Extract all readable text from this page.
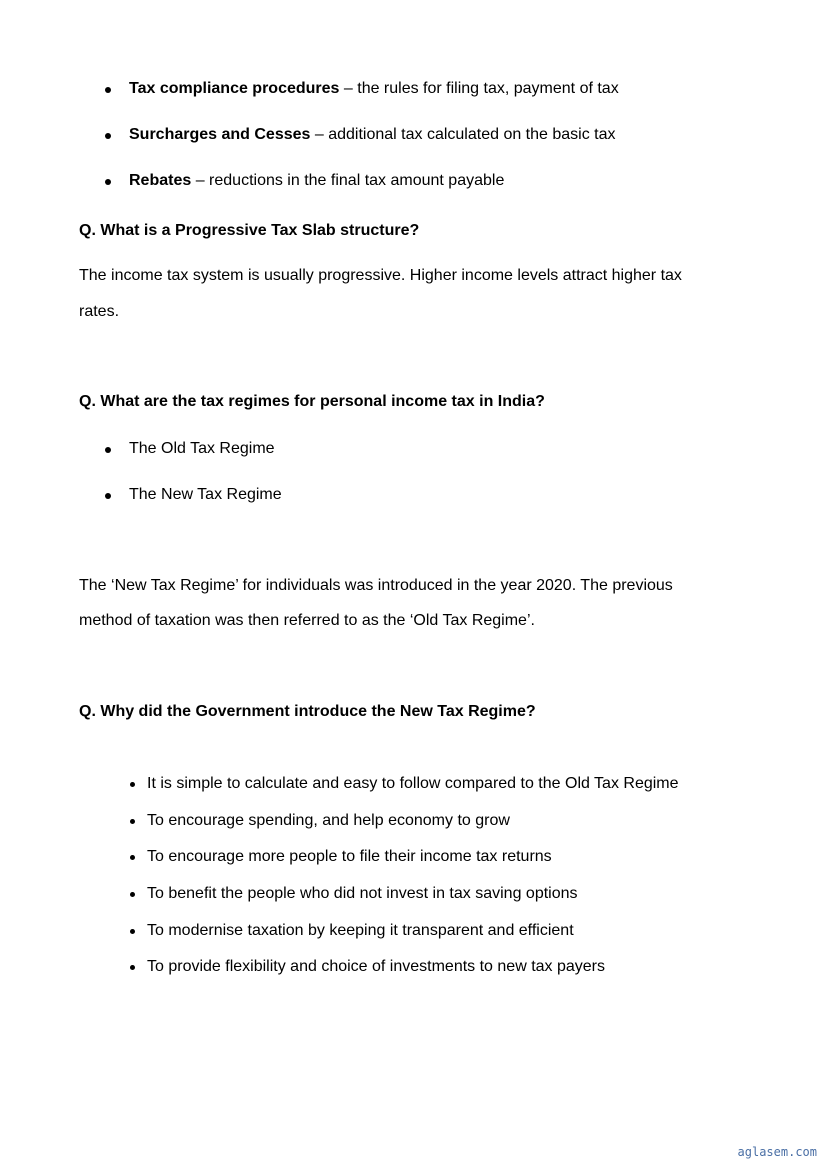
Tax compliance procedures – the rules for filing tax, payment of tax
Surcharges and Cesses – additional tax calculated on the basic tax
Rebates – reductions in the final tax amount payable
Q. What is a Progressive Tax Slab structure?
The income tax system is usually progressive. Higher income levels attract higher tax
rates.
Q. What are the tax regimes for personal income tax in India?
The Old Tax Regime
The New Tax Regime
The ‘New Tax Regime’ for individuals was introduced in the year 2020. The previous
method of taxation was then referred to as the ‘Old Tax Regime’.
Q. Why did the Government introduce the New Tax Regime?
It is simple to calculate and easy to follow compared to the Old Tax Regime
To encourage spending, and help economy to grow
To encourage more people to file their income tax returns
To benefit the people who did not invest in tax saving options
To modernise taxation by keeping it transparent and efficient
To provide flexibility and choice of investments to new tax payers
aglasem.com
